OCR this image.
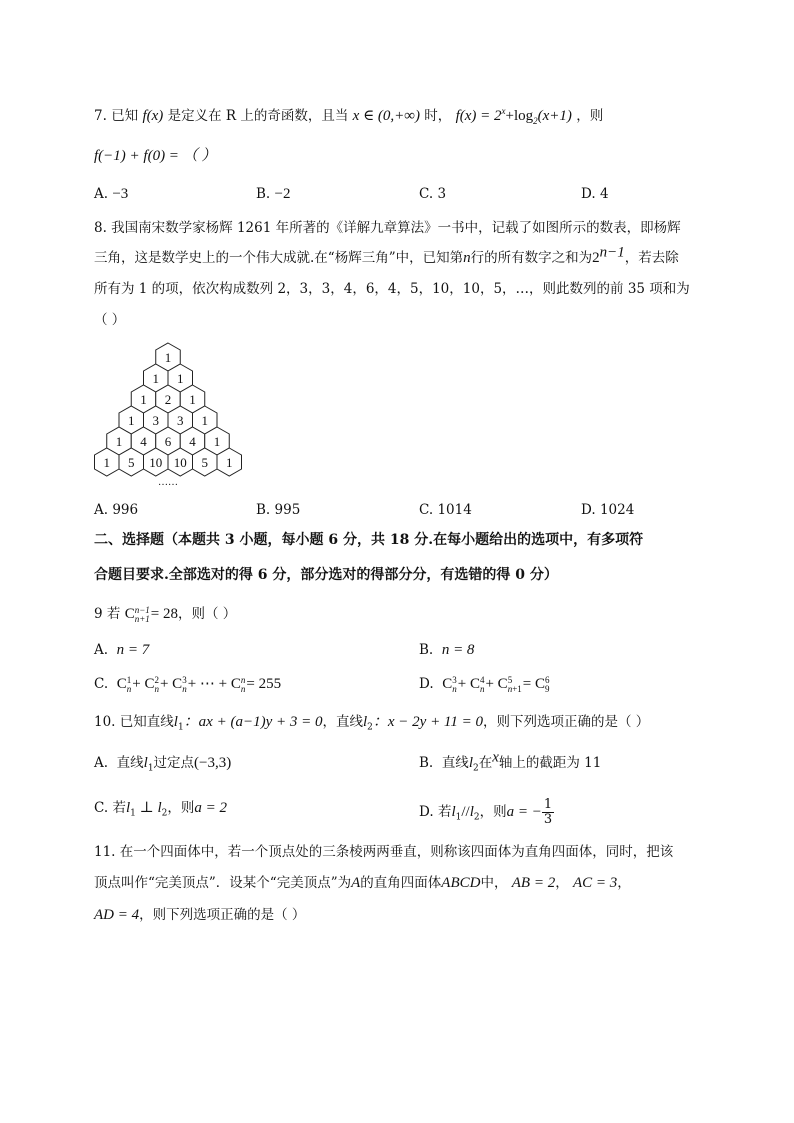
7. 已知 f(x) 是定义在 R 上的奇函数，且当 x ∈ (0,+∞) 时， $f(x) = 2^x+\log_2(x+1)$ ，则
f(−1) + f(0) = （ ）
A. −3	B. −2	C. 3	D. 4
8. 我国南宋数学家杨辉 1261 年所著的《详解九章算法》一书中，记载了如图所示的数表，即杨辉
三角，这是数学史上的一个伟大成就.在“杨辉三角”中，已知第n行的所有数字之和为$2^{n-1}$，若去除
所有为 1 的项，依次构成数列 2，3，3，4，6，4，5，10，10，5，…，则此数列的前 35 项和为
（ ）
1
1 1
1 2 1
1 3 3 1
1 4 6 4 1
1 5 10 10 5 1
……
A. 996	B. 995	C. 1014	D. 1024
二、选择题（本题共 3 小题，每小题 6 分，共 18 分.在每小题给出的选项中，有多项符
合题目要求.全部选对的得 6 分，部分选对的得部分分，有选错的得 0 分）
9 若 Cn−1
n+1= 28，则（ ）
A. n = 7	B. n = 8
C. C1
n+ C2
n+ C3
n+ ⋯ + Cn
n= 255	D. C3
n+ C4
n+ C5
n+1= C6
9
10. 已知直线$l_1$：ax + (a−1)y + 3 = 0，直线$l_2$：x − 2y + 11 = 0，则下列选项正确的是（ ）
A. 直线$l_1$过定点(−3,3)	B. 直线$l_2$在$^x$轴上的截距为 11
C. 若$l_1$ ⊥ $l_2$，则a = 2	D. 若$l_1//l_2$，则a = − $\frac{1}{3}$
11. 在一个四面体中，若一个顶点处的三条棱两两垂直，则称该四面体为直角四面体，同时，把该
顶点叫作“完美顶点”．设某个“完美顶点”为A的直角四面体ABCD中， AB = 2， AC = 3，
AD = 4，则下列选项正确的是（ ）
